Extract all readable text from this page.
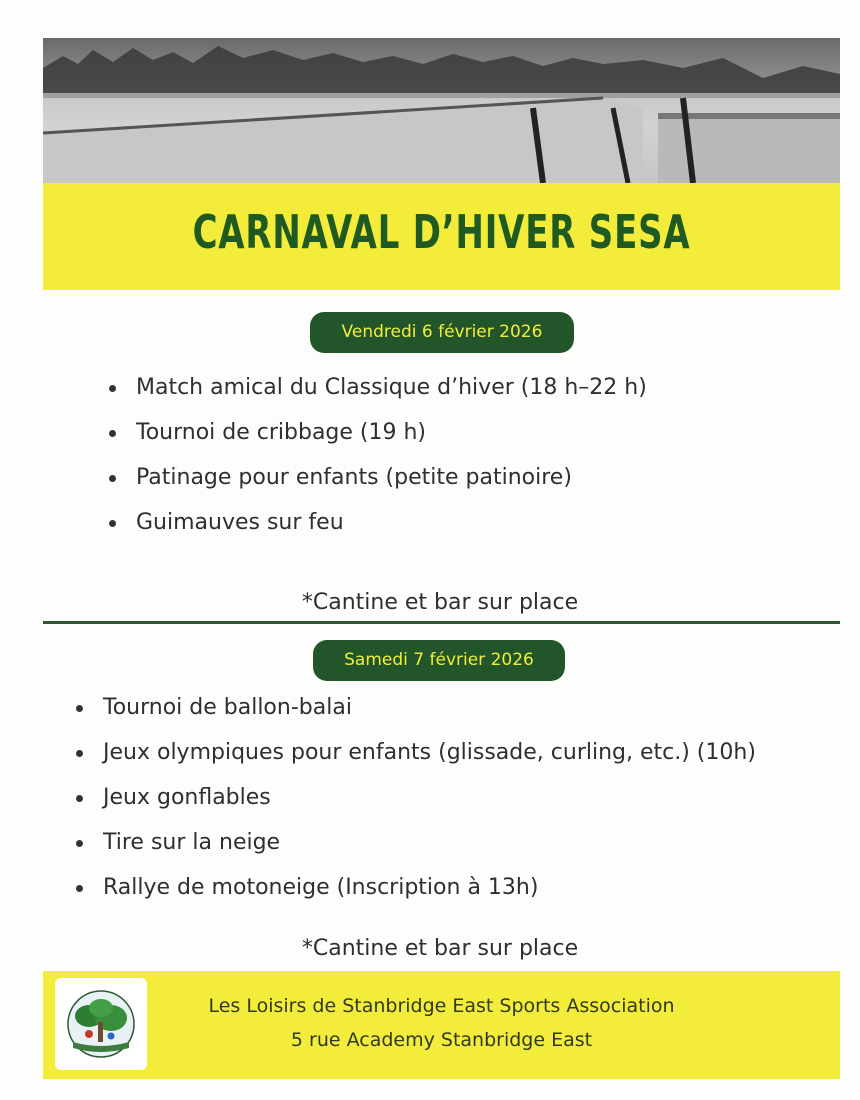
CARNAVAL D’HIVER SESA
Vendredi 6 février 2026
Match amical du Classique d’hiver (18 h–22 h)
Tournoi de cribbage (19 h)
Patinage pour enfants (petite patinoire)
Guimauves sur feu
*Cantine et bar sur place
Samedi 7 février 2026
Tournoi de ballon-balai
Jeux olympiques pour enfants (glissade, curling, etc.) (10h)
Jeux gonflables
Tire sur la neige
Rallye de motoneige (Inscription à 13h)
*Cantine et bar sur place
Les Loisirs de Stanbridge East Sports Association
5 rue Academy Stanbridge East
